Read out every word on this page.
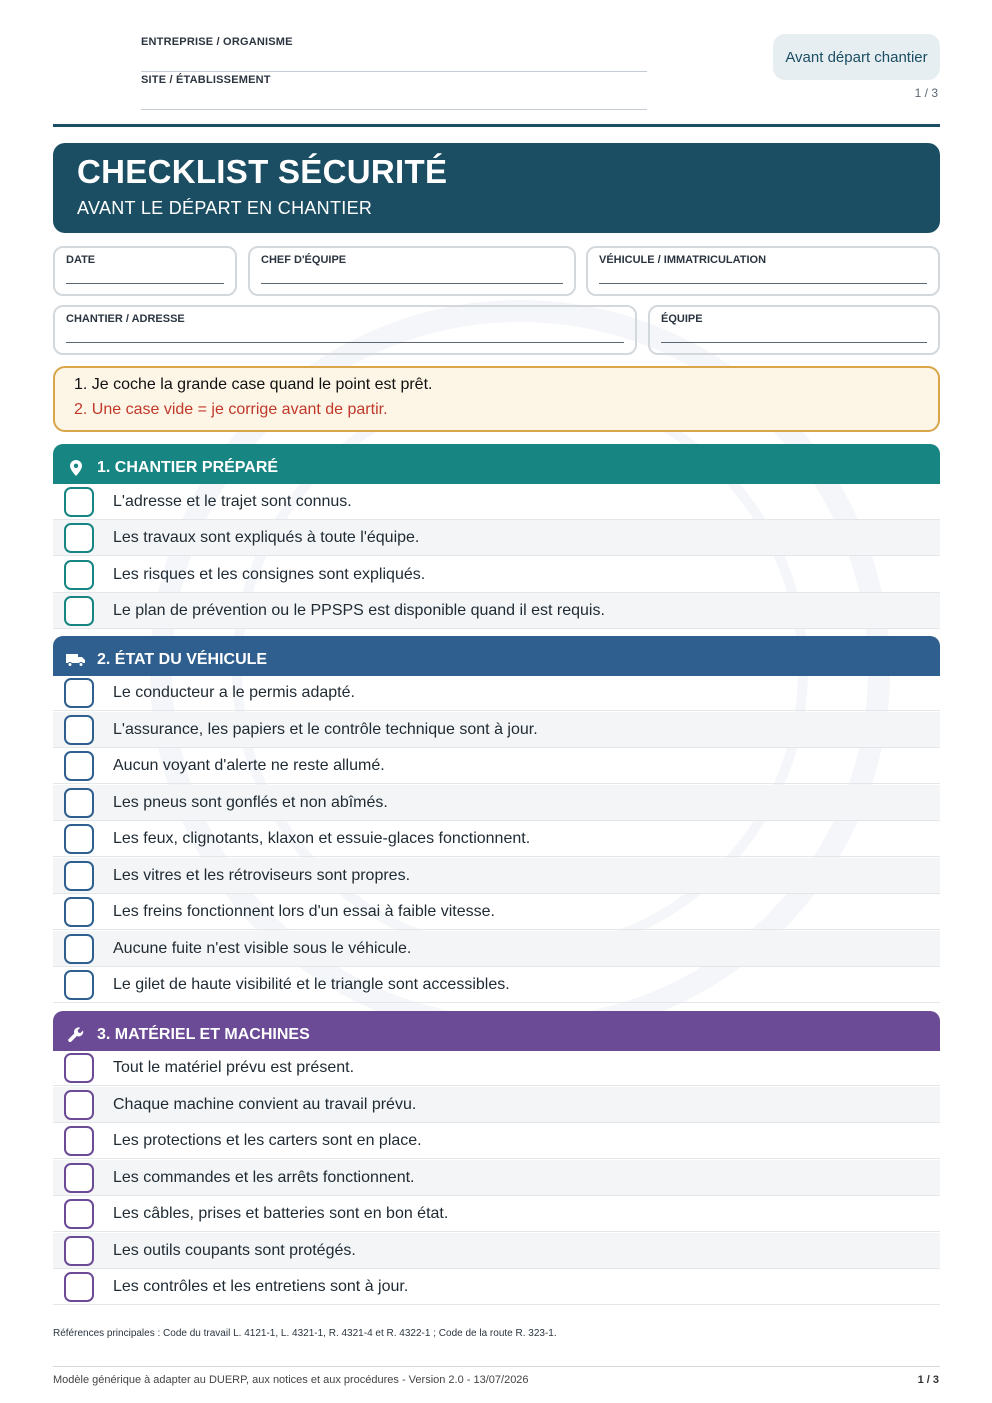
ENTREPRISE / ORGANISME
SITE / ÉTABLISSEMENT
Avant départ chantier
1 / 3
CHECKLIST SÉCURITÉ
AVANT LE DÉPART EN CHANTIER
DATE	CHEF D'ÉQUIPE	VÉHICULE / IMMATRICULATION
CHANTIER / ADRESSE	ÉQUIPE
1. Je coche la grande case quand le point est prêt.
2. Une case vide = je corrige avant de partir.
1. CHANTIER PRÉPARÉ
L'adresse et le trajet sont connus.
Les travaux sont expliqués à toute l'équipe.
Les risques et les consignes sont expliqués.
Le plan de prévention ou le PPSPS est disponible quand il est requis.
2. ÉTAT DU VÉHICULE
Le conducteur a le permis adapté.
L'assurance, les papiers et le contrôle technique sont à jour.
Aucun voyant d'alerte ne reste allumé.
Les pneus sont gonflés et non abîmés.
Les feux, clignotants, klaxon et essuie-glaces fonctionnent.
Les vitres et les rétroviseurs sont propres.
Les freins fonctionnent lors d'un essai à faible vitesse.
Aucune fuite n'est visible sous le véhicule.
Le gilet de haute visibilité et le triangle sont accessibles.
3. MATÉRIEL ET MACHINES
Tout le matériel prévu est présent.
Chaque machine convient au travail prévu.
Les protections et les carters sont en place.
Les commandes et les arrêts fonctionnent.
Les câbles, prises et batteries sont en bon état.
Les outils coupants sont protégés.
Les contrôles et les entretiens sont à jour.
Références principales : Code du travail L. 4121-1, L. 4321-1, R. 4321-4 et R. 4322-1 ; Code de la route R. 323-1.
Modèle générique à adapter au DUERP, aux notices et aux procédures - Version 2.0 - 13/07/2026	1 / 3
